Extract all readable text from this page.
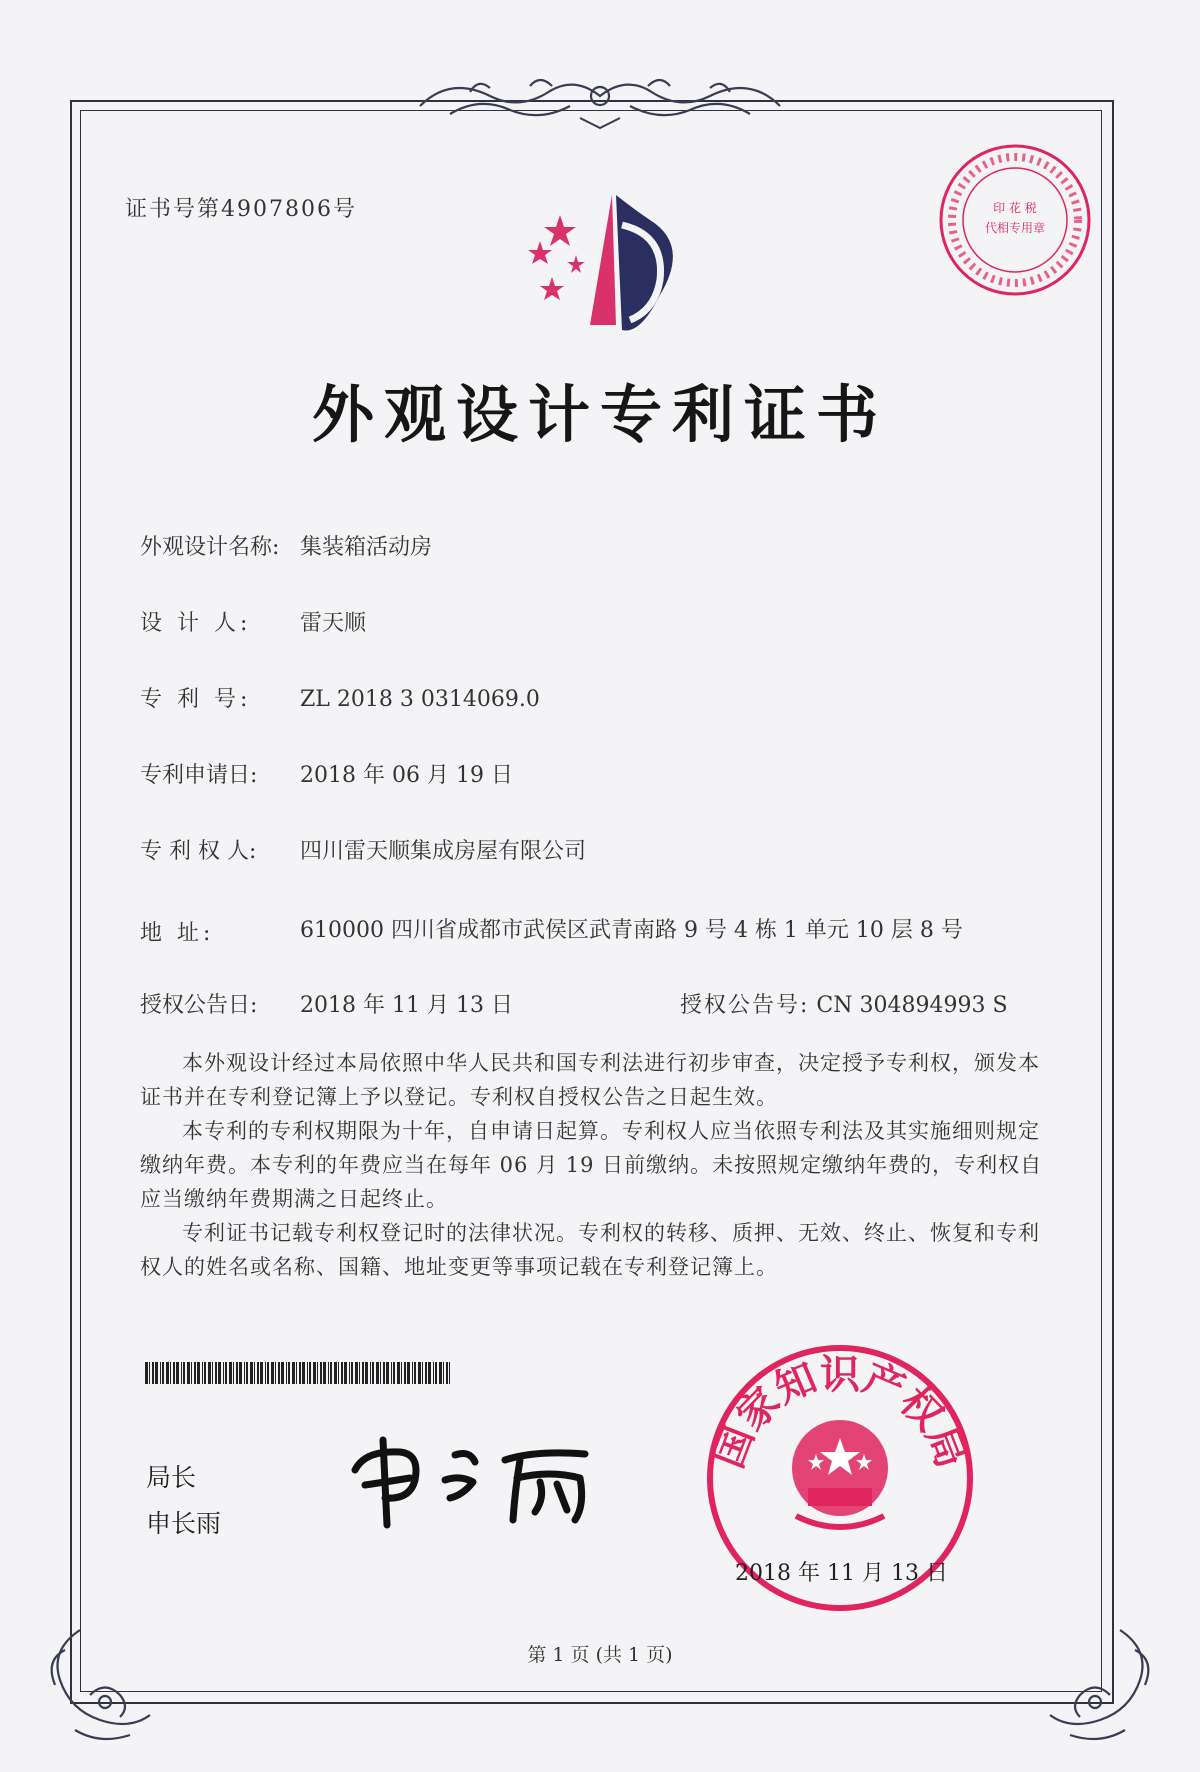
证书号第4907806号	印 花 税
代相专用章
外观设计专利证书
外观设计名称: 集装箱活动房
设 计 人: 雷天顺
专 利 号: ZL 2018 3 0314069.0
专利申请日: 2018 年 06 月 19 日
专 利 权 人: 四川雷天顺集成房屋有限公司
地 址:	610000 四川省成都市武侯区武青南路 9 号 4 栋 1 单元 10 层 8 号
授权公告日: 2018 年 11 月 13 日	授权公告号: CN 304894993 S

本外观设计经过本局依照中华人民共和国专利法进行初步审查，决定授予专利权，颁发本证书并在专利登记簿上予以登记。专利权自授权公告之日起生效。

本专利的专利权期限为十年，自申请日起算。专利权人应当依照专利法及其实施细则规定缴纳年费。本专利的年费应当在每年 06 月 19 日前缴纳。未按照规定缴纳年费的，专利权自应当缴纳年费期满之日起终止。

专利证书记载专利权登记时的法律状况。专利权的转移、质押、无效、终止、恢复和专利权人的姓名或名称、国籍、地址变更等事项记载在专利登记簿上。

局长
申长雨
国家知识产权局
2018 年 11 月 13 日
第 1 页 (共 1 页)
